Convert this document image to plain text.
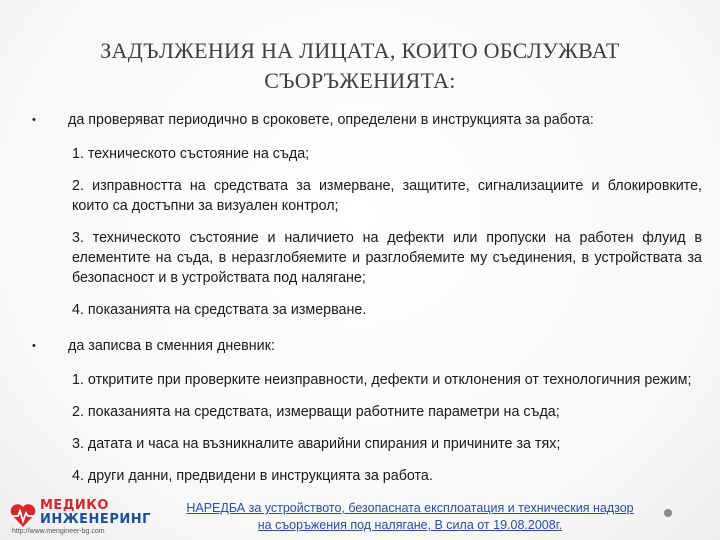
ЗАДЪЛЖЕНИЯ НА ЛИЦАТА, КОИТО ОБСЛУЖВАТ СЪОРЪЖЕНИЯТА:
•	да проверяват периодично в сроковете, определени в инструкцията за работа:
1. техническото състояние на съда;
2. изправността на средствата за измерване, защитите, сигнализациите и блокировките, които са достъпни за визуален контрол;
3. техническото състояние и наличието на дефекти или пропуски на работен флуид в елементите на съда, в неразглобяемите и разглобяемите му съединения, в устройствата за безопасност и в устройствата под налягане;
4. показанията на средствата за измерване.
•	да записва в сменния дневник:
1. откритите при проверките неизправности, дефекти и отклонения от технологичния режим;
2. показанията на средствата, измерващи работните параметри на съда;
3. датата и часа на възникналите аварийни спирания и причините за тях;
4. други данни, предвидени в инструкцията за работа.
МЕДИКО
ИНЖЕНЕРИНГ
http://www.mengineer-bg.com
НАРЕДБА за устройството, безопасната експлоатация и техническия надзор
на съоръжения под налягане, В сила от 19.08.2008г.
